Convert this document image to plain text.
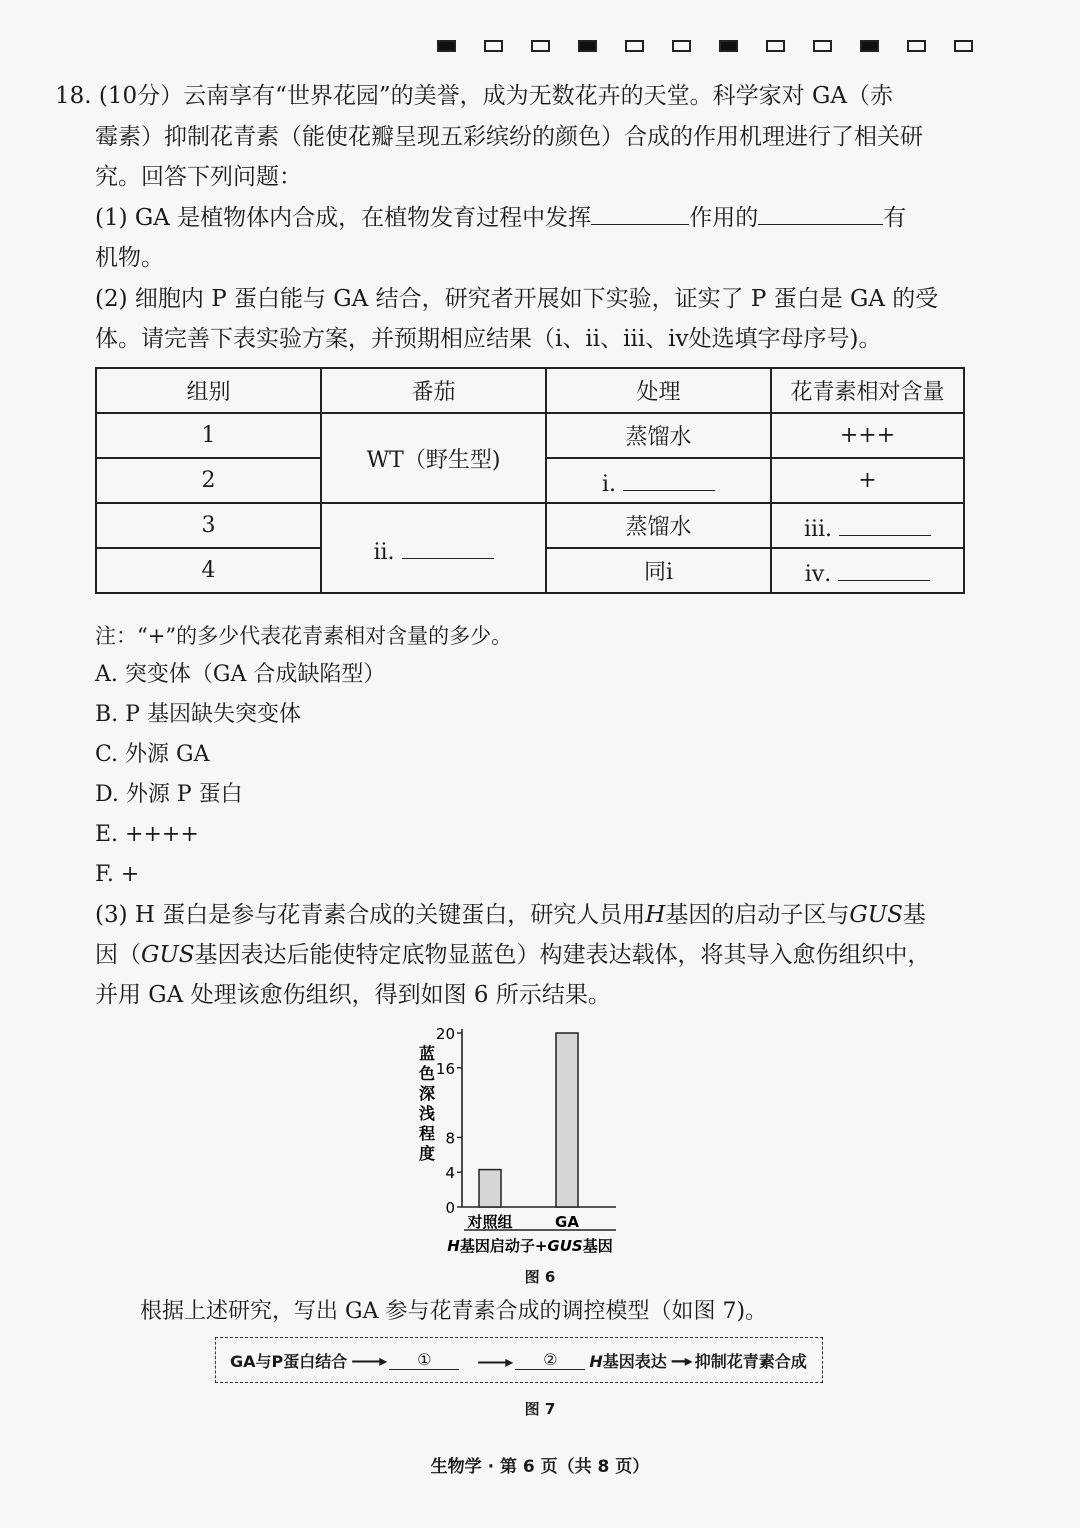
18. (10分）云南享有“世界花园”的美誉，成为无数花卉的天堂。科学家对 GA（赤

霉素）抑制花青素（能使花瓣呈现五彩缤纷的颜色）合成的作用机理进行了相关研

究。回答下列问题：

(1) GA 是植物体内合成，在植物发育过程中发挥	作用的	有

机物。

(2) 细胞内 P 蛋白能与 GA 结合，研究者开展如下实验，证实了 P 蛋白是 GA 的受

体。请完善下表实验方案，并预期相应结果（ⅰ、ⅱ、ⅲ、ⅳ处选填字母序号)。

组别	番茄	处理	花青素相对含量
1	WT（野生型)	蒸馏水	+++
2		ⅰ.	+
3	ⅱ.	蒸馏水	ⅲ.
4		同ⅰ	ⅳ.
注：“+”的多少代表花青素相对含量的多少。
A. 突变体（GA 合成缺陷型）
B. P 基因缺失突变体
C. 外源 GA
D. 外源 P 蛋白
E. ++++
F. +

(3) H 蛋白是参与花青素合成的关键蛋白，研究人员用H基因的启动子区与GUS基

因（GUS基因表达后能使特定底物显蓝色）构建表达载体，将其导入愈伤组织中，

并用 GA 处理该愈伤组织，得到如图 6 所示结果。

蓝
色
深
浅
程
度
0
4
8
16
20
对照组	GA
H基因启动子+GUS基因
图 6
根据上述研究，写出 GA 参与花青素合成的调控模型（如图 7)。
GA与P蛋白结合 ——▸	①	　——▸	②	H基因表达 ---▸ 抑制花青素合成
图 7
生物学 · 第 6 页（共 8 页）
